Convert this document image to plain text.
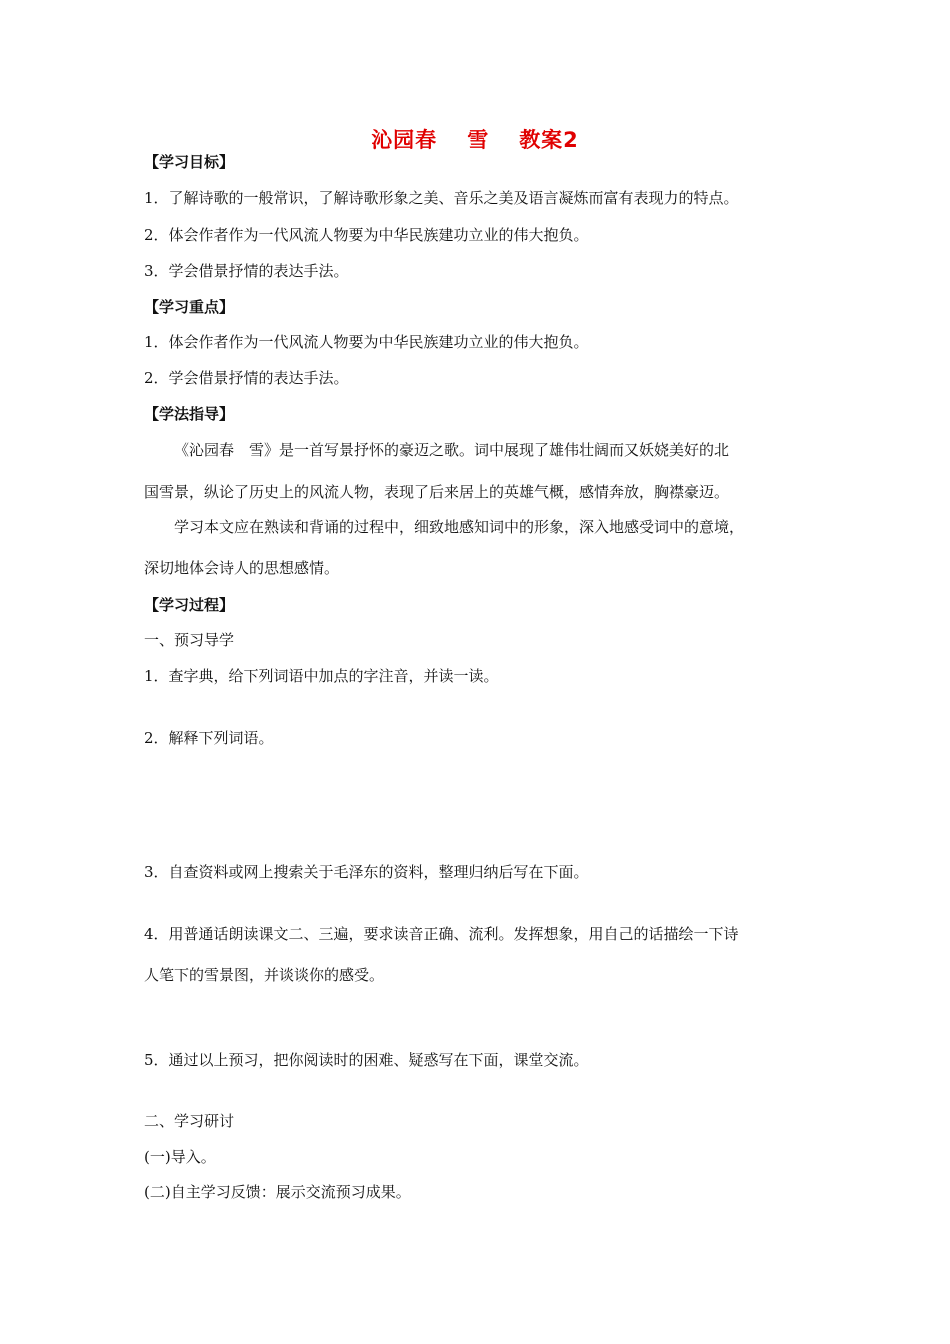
沁园春 雪 教案2
【学习目标】
1．了解诗歌的一般常识，了解诗歌形象之美、音乐之美及语言凝炼而富有表现力的特点。
2．体会作者作为一代风流人物要为中华民族建功立业的伟大抱负。
3．学会借景抒情的表达手法。
【学习重点】
1．体会作者作为一代风流人物要为中华民族建功立业的伟大抱负。
2．学会借景抒情的表达手法。
【学法指导】
《沁园春　雪》是一首写景抒怀的豪迈之歌。词中展现了雄伟壮阔而又妖娆美好的北
国雪景，纵论了历史上的风流人物，表现了后来居上的英雄气概，感情奔放，胸襟豪迈。
学习本文应在熟读和背诵的过程中，细致地感知词中的形象，深入地感受词中的意境，
深切地体会诗人的思想感情。
【学习过程】
一、预习导学
1．查字典，给下列词语中加点的字注音，并读一读。
2．解释下列词语。
3．自查资料或网上搜索关于毛泽东的资料，整理归纳后写在下面。
4．用普通话朗读课文二、三遍，要求读音正确、流利。发挥想象，用自己的话描绘一下诗
人笔下的雪景图，并谈谈你的感受。
5．通过以上预习，把你阅读时的困难、疑惑写在下面，课堂交流。
二、学习研讨
(一)导入。
(二)自主学习反馈：展示交流预习成果。
